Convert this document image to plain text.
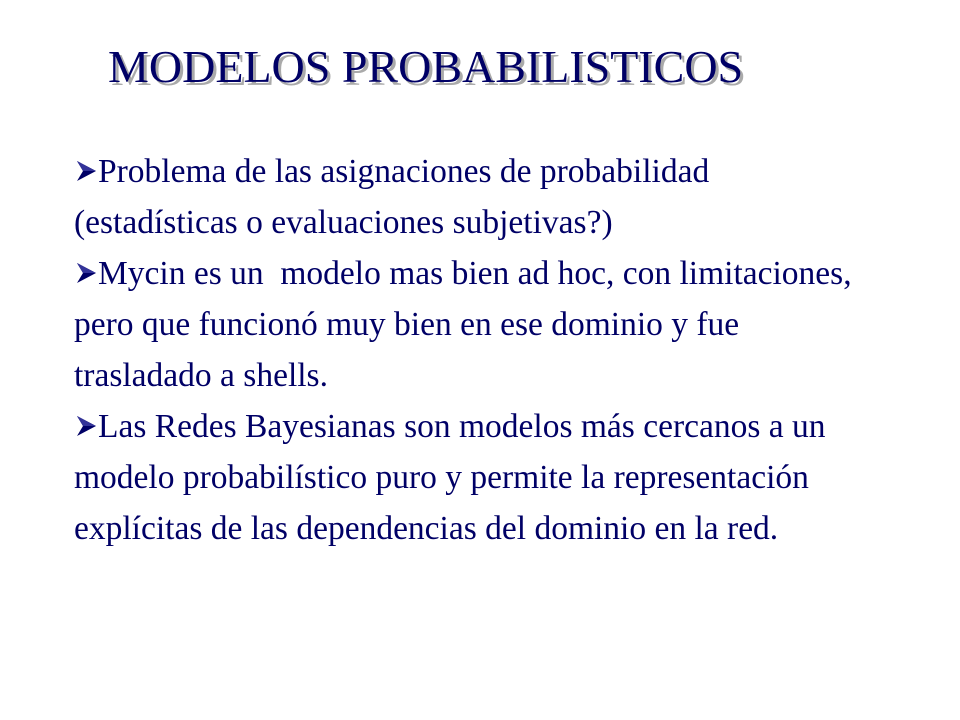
MODELOS PROBABILISTICOS
Problema de las asignaciones de probabilidad (estadísticas o evaluaciones subjetivas?)
Mycin es un  modelo mas bien ad hoc, con limitaciones, pero que funcionó muy bien en ese dominio y fue trasladado a shells.
Las Redes Bayesianas son modelos más cercanos a un modelo probabilístico puro y permite la representación explícitas de las dependencias del dominio en la red.
